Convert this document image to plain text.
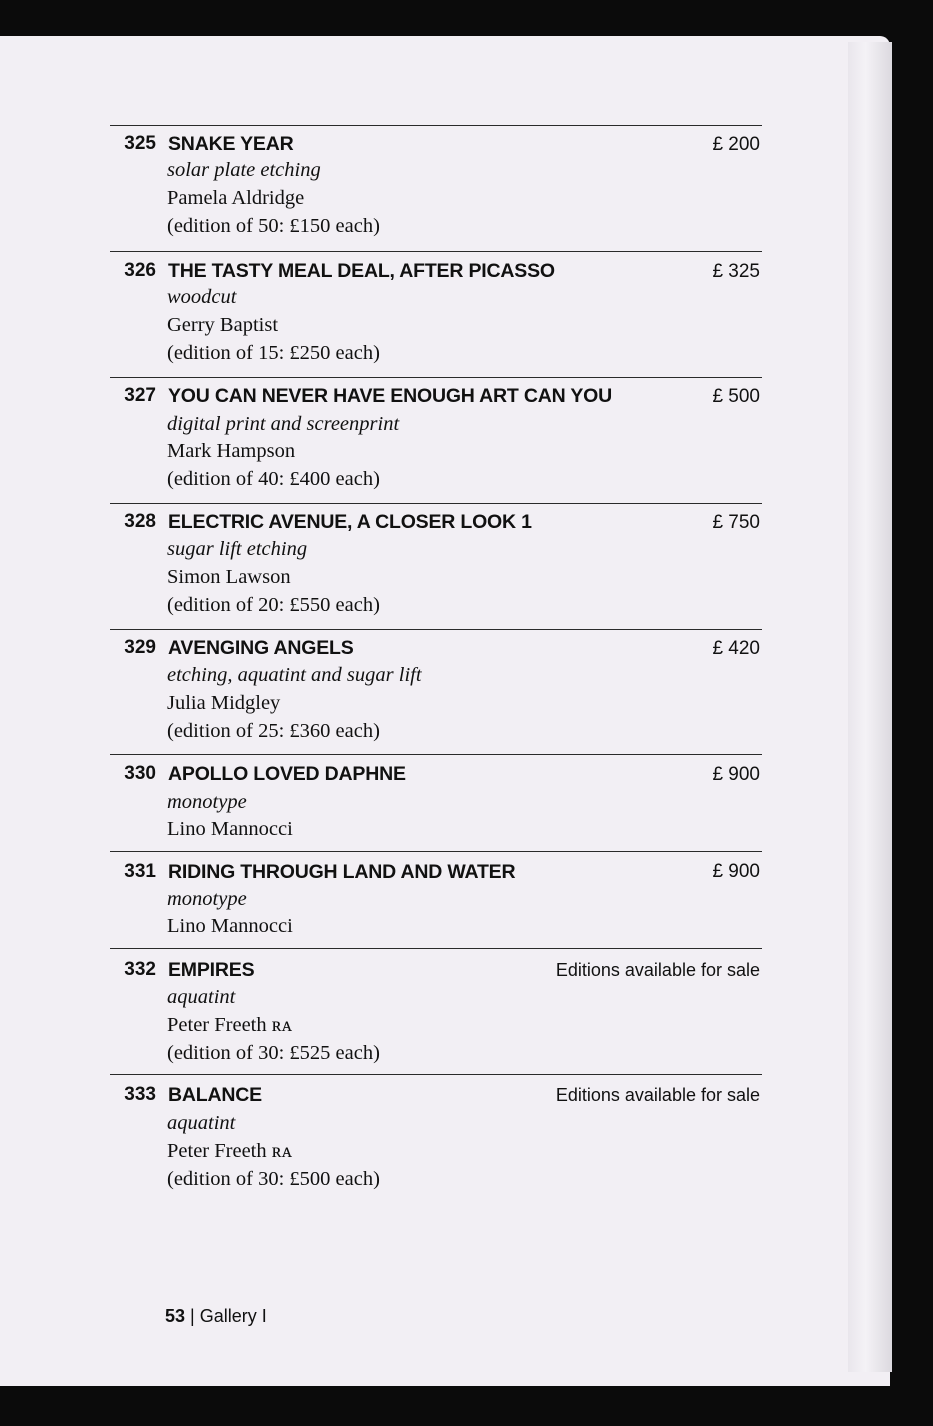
325 SNAKE YEAR	£ 200
solar plate etching
Pamela Aldridge
(edition of 50: £150 each)
326 THE TASTY MEAL DEAL, AFTER PICASSO	£ 325
woodcut
Gerry Baptist
(edition of 15: £250 each)
327 YOU CAN NEVER HAVE ENOUGH ART CAN YOU	£ 500
digital print and screenprint
Mark Hampson
(edition of 40: £400 each)
328 ELECTRIC AVENUE, A CLOSER LOOK 1	£ 750
sugar lift etching
Simon Lawson
(edition of 20: £550 each)
329 AVENGING ANGELS	£ 420
etching, aquatint and sugar lift
Julia Midgley
(edition of 25: £360 each)
330 APOLLO LOVED DAPHNE	£ 900
monotype
Lino Mannocci
331 RIDING THROUGH LAND AND WATER	£ 900
monotype
Lino Mannocci
332 EMPIRES	Editions available for sale
aquatint
Peter Freeth ʀᴀ
(edition of 30: £525 each)
333 BALANCE	Editions available for sale
aquatint
Peter Freeth ʀᴀ
(edition of 30: £500 each)
53 | Gallery I
